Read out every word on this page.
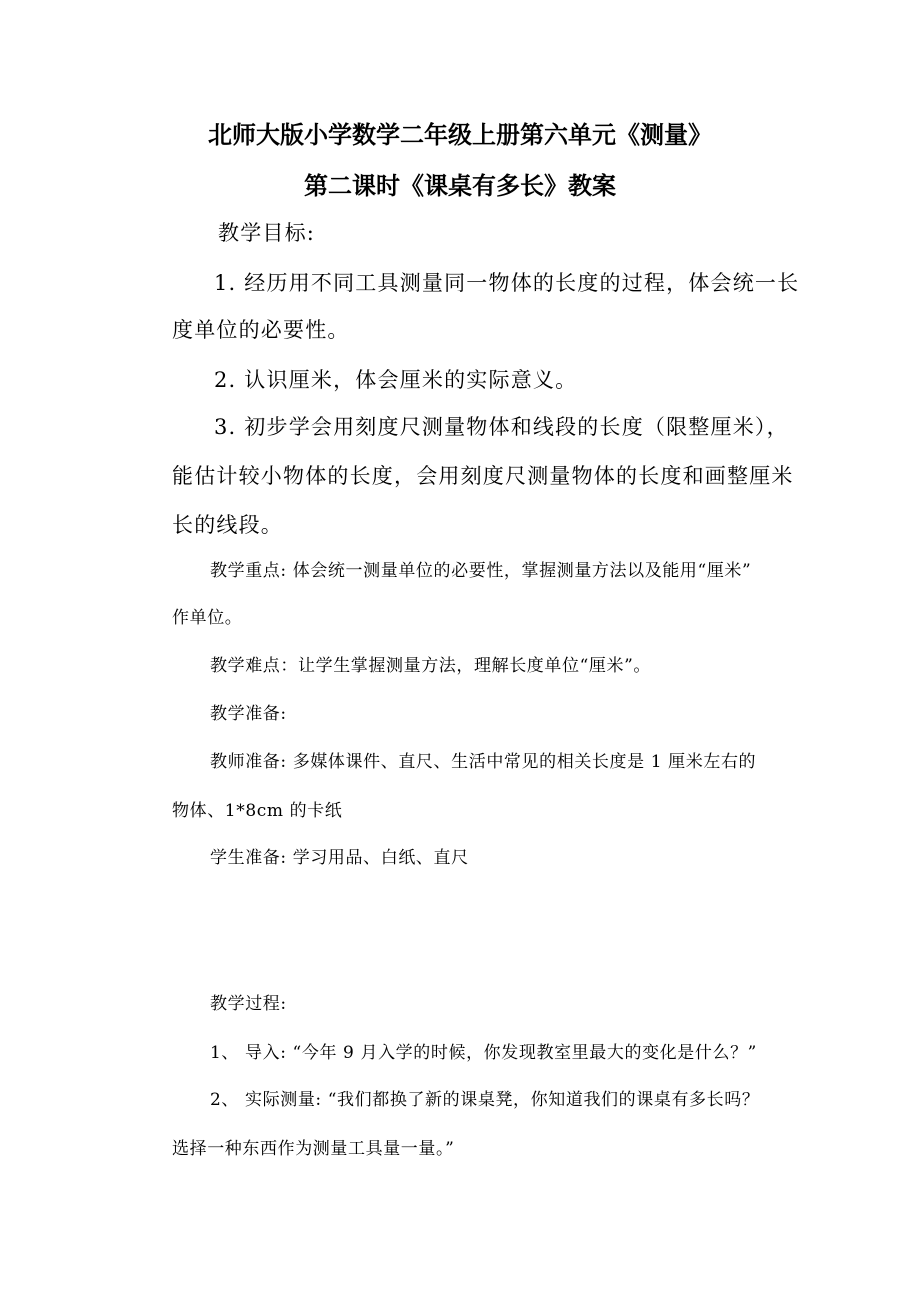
北师大版小学数学二年级上册第六单元《测量》
第二课时《课桌有多长》教案
教学目标:
1. 经历用不同工具测量同一物体的长度的过程，体会统一长
度单位的必要性。
2. 认识厘米，体会厘米的实际意义。
3. 初步学会用刻度尺测量物体和线段的长度（限整厘米），
能估计较小物体的长度，会用刻度尺测量物体的长度和画整厘米
长的线段。
教学重点: 体会统一测量单位的必要性，掌握测量方法以及能用“厘米”
作单位。
教学难点：让学生掌握测量方法，理解长度单位“厘米”。
教学准备:
教师准备: 多媒体课件、直尺、生活中常见的相关长度是 1 厘米左右的
物体、1*8cm 的卡纸
学生准备: 学习用品、白纸、直尺
教学过程:
1、 导入: “今年 9 月入学的时候，你发现教室里最大的变化是什么？”
2、 实际测量: “我们都换了新的课桌凳，你知道我们的课桌有多长吗？
选择一种东西作为测量工具量一量。”
